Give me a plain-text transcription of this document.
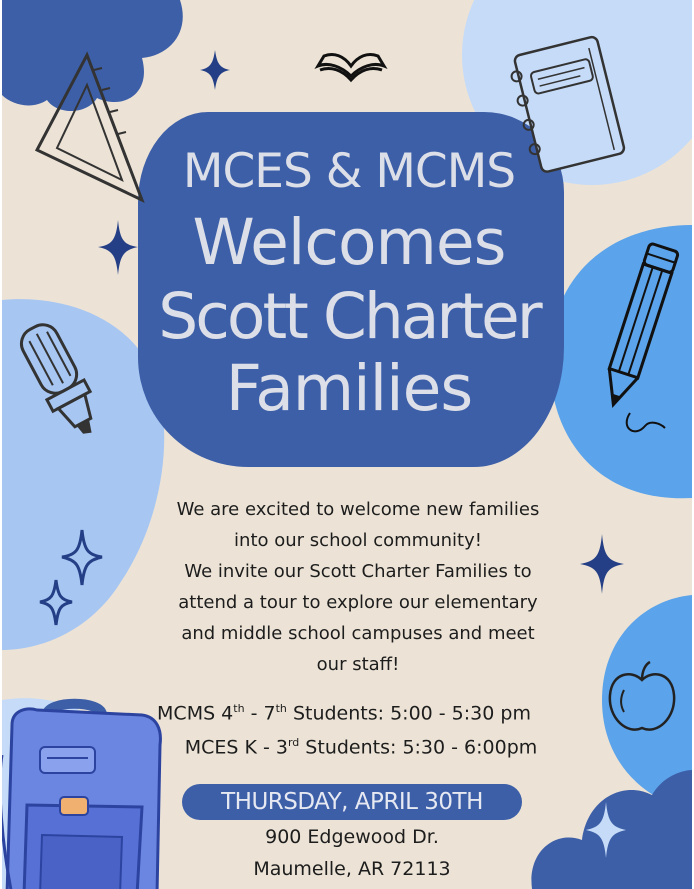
MCES & MCMS
Welcomes
Scott Charter
Families
We are excited to welcome new families
into our school community!
We invite our Scott Charter Families to
attend a tour to explore our elementary
and middle school campuses and meet
our staff!
MCMS 4th - 7th Students: 5:00 - 5:30 pm
MCES K - 3rd Students: 5:30 - 6:00pm
THURSDAY, APRIL 30TH
900 Edgewood Dr.
Maumelle, AR 72113
